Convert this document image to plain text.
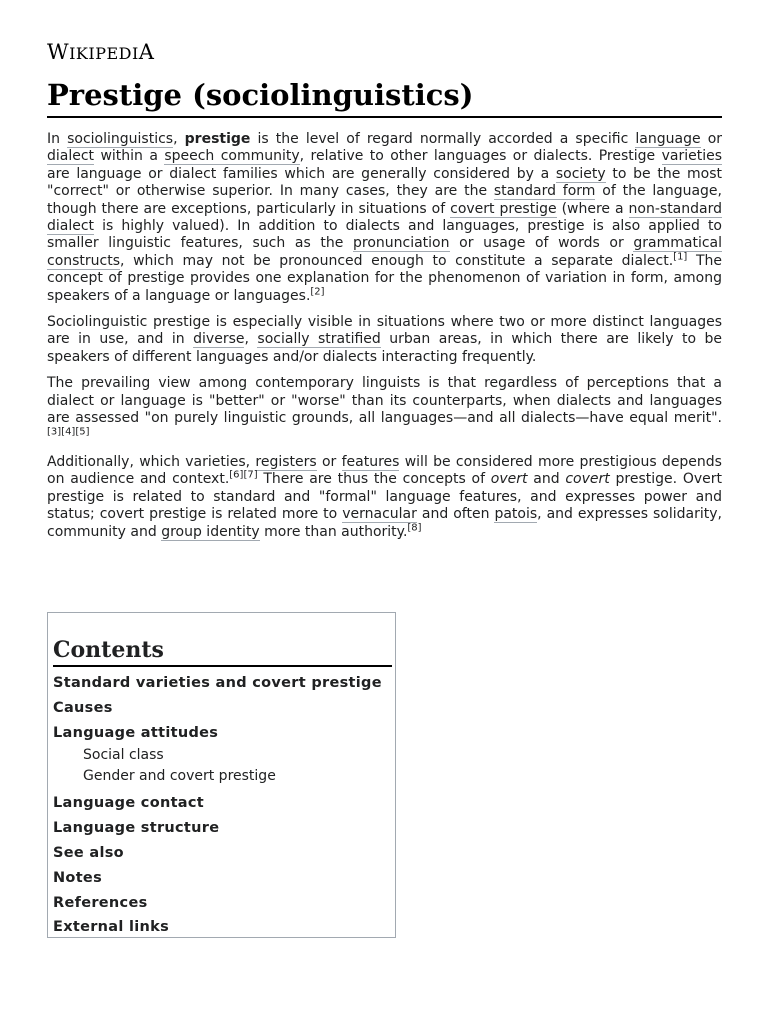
WIKIPEDIA
Prestige (sociolinguistics)

In sociolinguistics, prestige is the level of regard normally accorded a specific language or dialect within a speech community, relative to other languages or dialects. Prestige varieties are language or dialect families which are generally considered by a society to be the most "correct" or otherwise superior. In many cases, they are the standard form of the language, though there are exceptions, particularly in situations of covert prestige (where a non-standard dialect is highly valued). In addition to dialects and languages, prestige is also applied to smaller linguistic features, such as the pronunciation or usage of words or grammatical constructs, which may not be pronounced enough to constitute a separate dialect.[1] The concept of prestige provides one explanation for the phenomenon of variation in form, among speakers of a language or languages.[2]

Sociolinguistic prestige is especially visible in situations where two or more distinct languages are in use, and in diverse, socially stratified urban areas, in which there are likely to be speakers of different languages and/or dialects interacting frequently.

The prevailing view among contemporary linguists is that regardless of perceptions that a dialect or language is "better" or "worse" than its counterparts, when dialects and languages are assessed "on purely linguistic grounds, all languages—and all dialects—have equal merit".[3][4][5]

Additionally, which varieties, registers or features will be considered more prestigious depends on audience and context.[6][7] There are thus the concepts of overt and covert prestige. Overt prestige is related to standard and "formal" language features, and expresses power and status; covert prestige is related more to vernacular and often patois, and expresses solidarity, community and group identity more than authority.[8]

Contents
Standard varieties and covert prestige
Causes
Language attitudes
Social class
Gender and covert prestige
Language contact
Language structure
See also
Notes
References
External links
